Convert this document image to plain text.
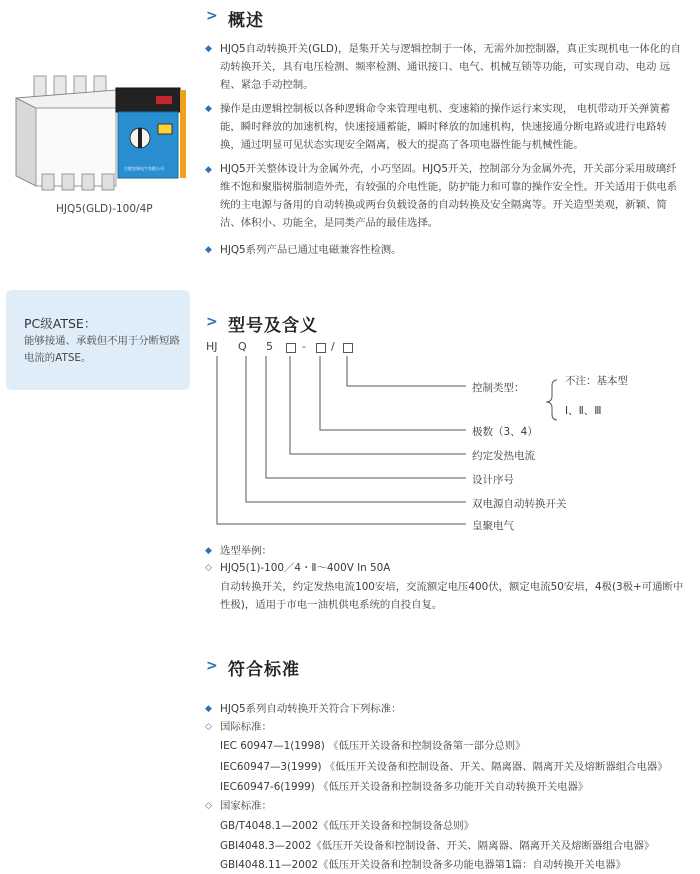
合肥皇聚电气有限公司
HJQ5(GLD)-100/4P
PC级ATSE：
能够接通、承载但不用于分断短路电流的ATSE。
> 概述
◆ HJQ5自动转换开关(GLD)，是集开关与逻辑控制于一体，无需外加控制器，真正实现机电一体化的自动转换开关，具有电压检测、频率检测、通讯接口、电气、机械互锁等功能，可实现自动、电动 远程、紧急手动控制。
◆ 操作是由逻辑控制板以各种逻辑命令来管理电机、变速箱的操作运行来实现， 电机带动开关弹簧蓄能，瞬时释放的加速机构，快速接通蓄能，瞬时释放的加速机构，快速接通分断电路或进行电路转换，通过明显可见状态实现安全隔离，极大的提高了各项电器性能与机械性能。
◆ HJQ5开关整体设计为金属外壳，小巧坚固。HJQ5开关，控制部分为金属外壳，开关部分采用玻璃纤维不饱和聚脂树脂制造外壳，有较强的介电性能，防护能力和可靠的操作安全性。开关适用于供电系统的主电源与备用的自动转换或两台负载设备的自动转换及安全隔离等。开关造型美观，新颖、简洁、体积小、功能全，是同类产品的最佳选择。
◆ HJQ5系列产品已通过电磁兼容性检测。
> 型号及含义
HJ Q 5	- /
控制类型：
不注：基本型
Ⅰ、Ⅱ、Ⅲ
极数（3、4）
约定发热电流
设计序号
双电源自动转换开关
皇聚电气
◆ 选型举例：
◇ HJQ5(1)-100／4・Ⅱ～400V In 50A
自动转换开关，约定发热电流100安培，交流额定电压400伏，额定电流50安培，4极(3极+可通断中性极)，适用于市电一油机供电系统的自投自复。
> 符合标准
◆ HJQ5系列自动转换开关符合下列标准：
◇ 国际标准：
IEC 60947—1(1998) 《低压开关设备和控制设备第一部分总则》
IEC60947—3(1999) 《低压开关设备和控制设备、开关、隔离器、隔离开关及熔断器组合电器》
IEC60947-6(1999) 《低压开关设备和控制设备多功能开关自动转换开关电器》
◇ 国家标准：
GB/T4048.1—2002《低压开关设备和控制设备总则》
GBI4048.3—2002《低压开关设备和控制设备、开关、隔离器、隔离开关及熔断器组合电器》
GBI4048.11—2002《低压开关设备和控制设备多功能电器第1篇：自动转换开关电器》
